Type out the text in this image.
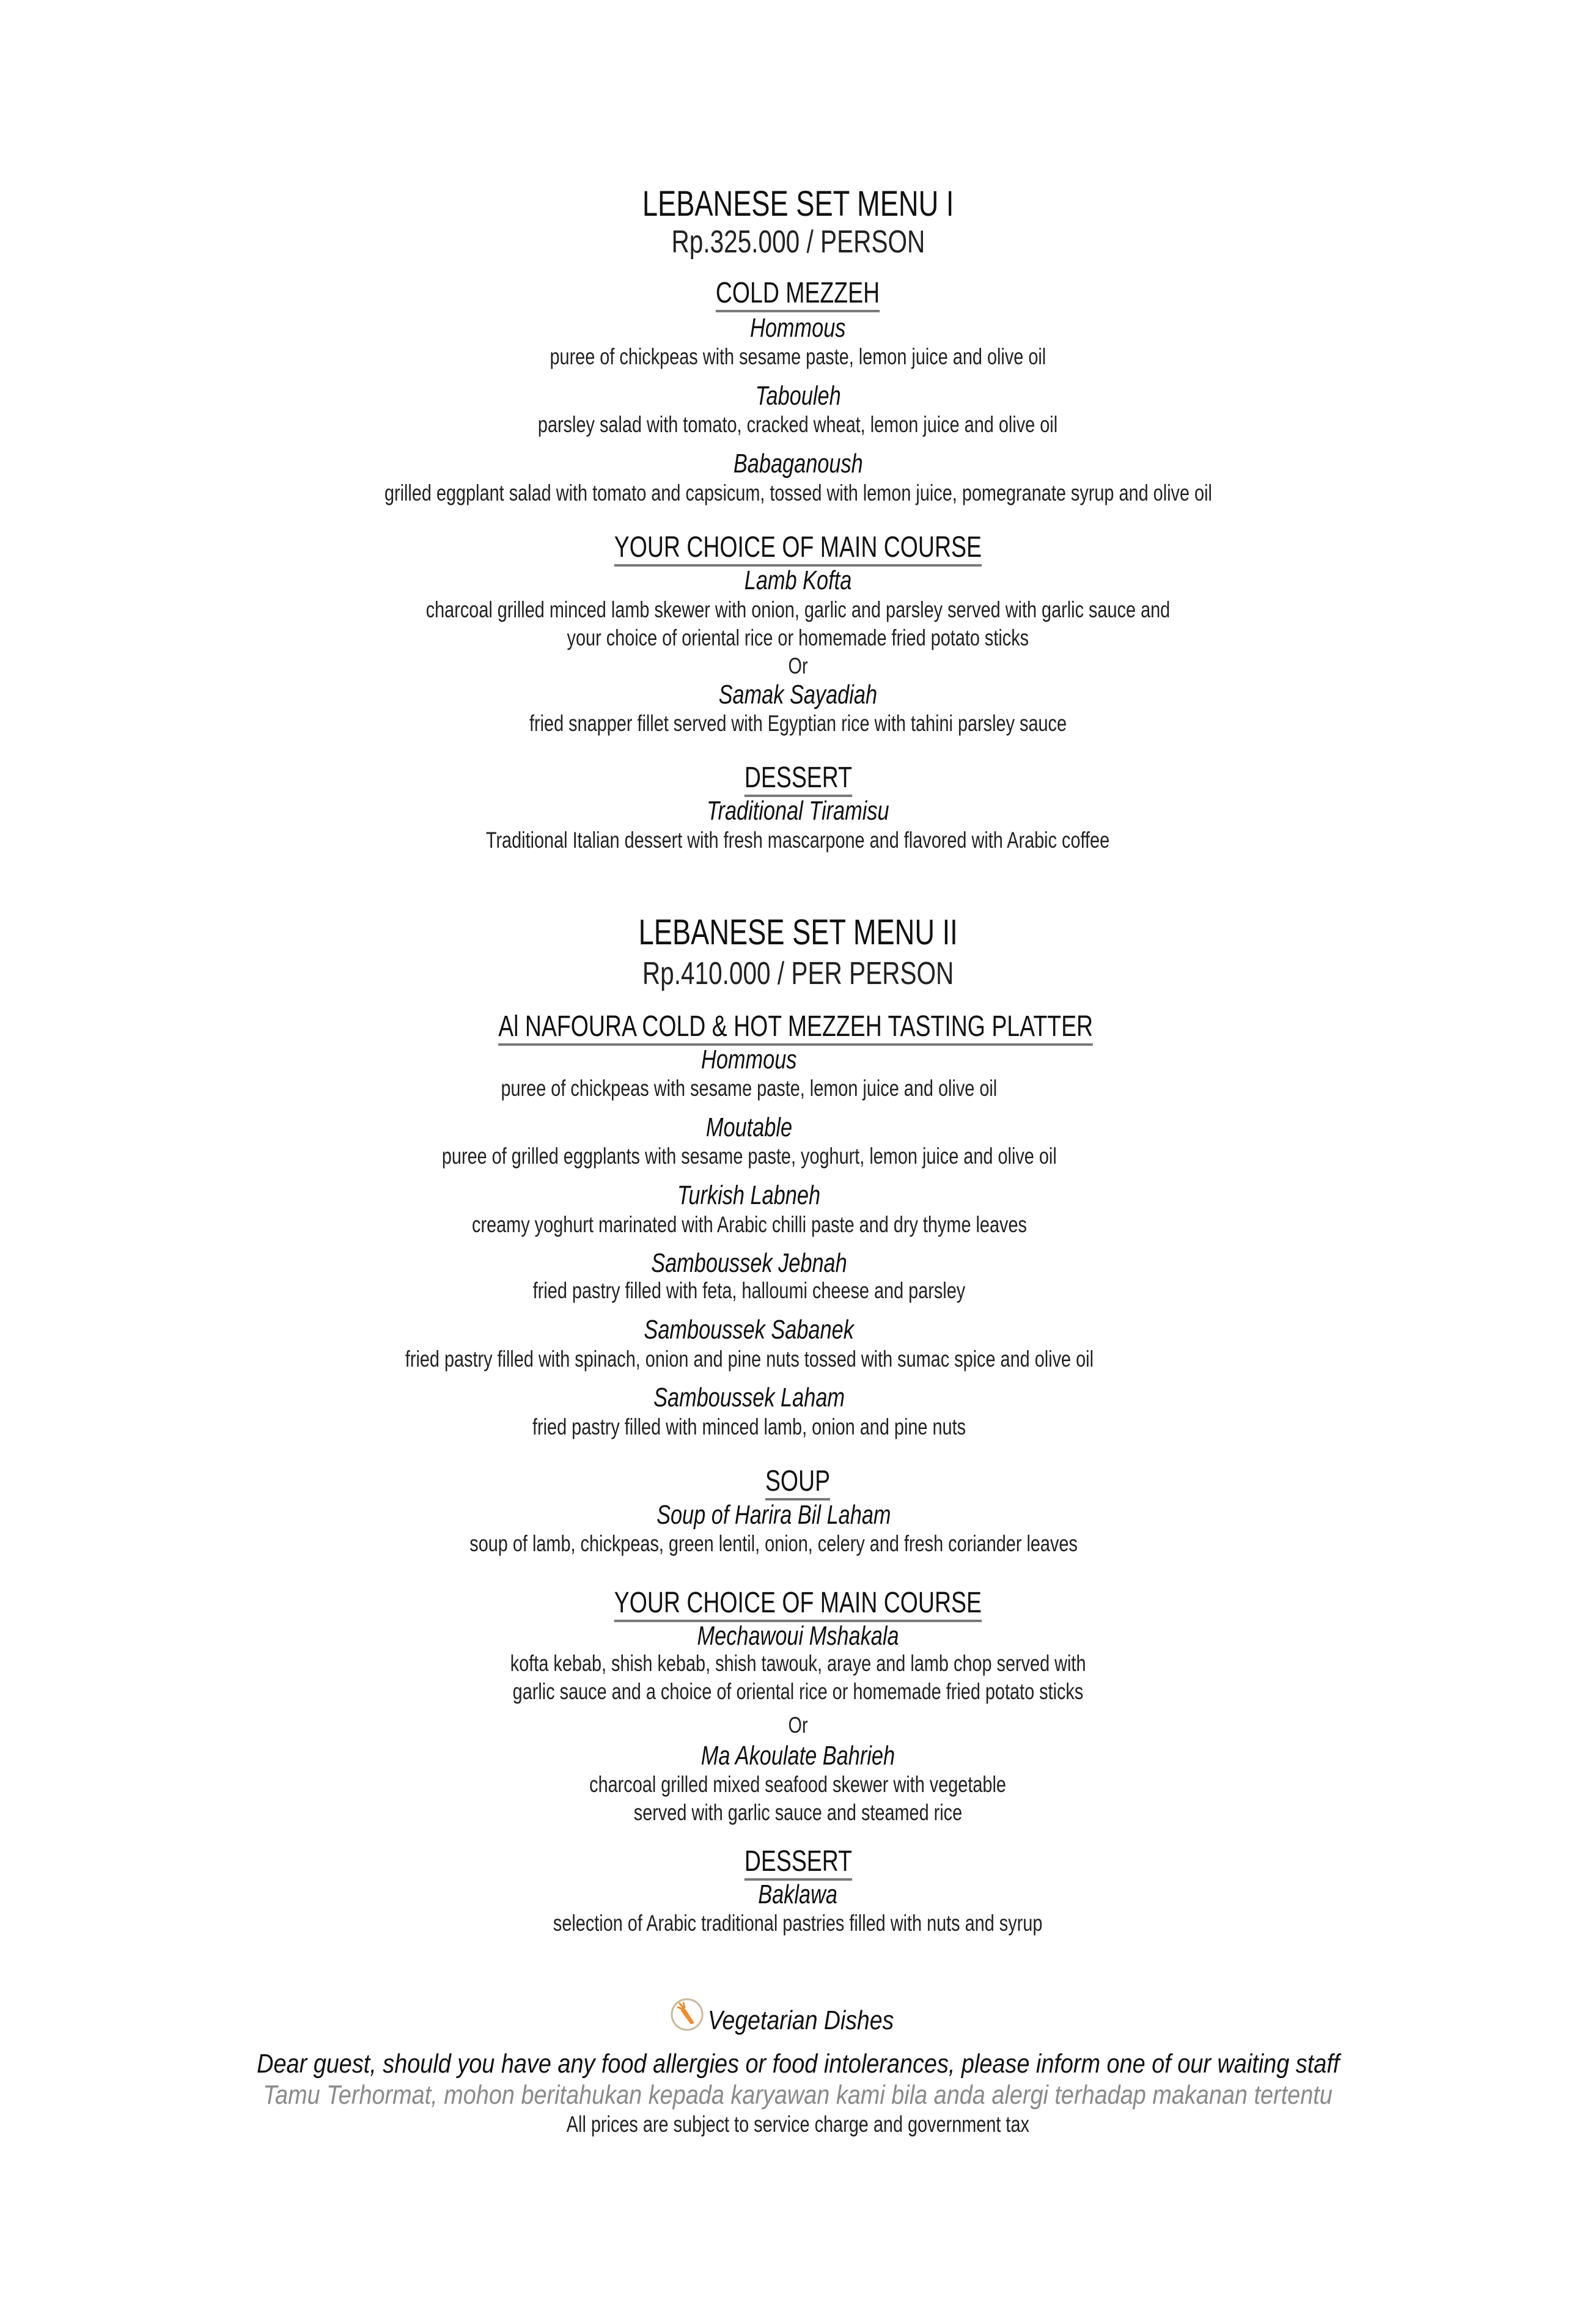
LEBANESE SET MENU I
Rp.325.000 / PERSON
COLD MEZZEH
Hommous
puree of chickpeas with sesame paste, lemon juice and olive oil
Tabouleh
parsley salad with tomato, cracked wheat, lemon juice and olive oil
Babaganoush
grilled eggplant salad with tomato and capsicum, tossed with lemon juice, pomegranate syrup and olive oil
YOUR CHOICE OF MAIN COURSE
Lamb Kofta
charcoal grilled minced lamb skewer with onion, garlic and parsley served with garlic sauce and
your choice of oriental rice or homemade fried potato sticks
Or
Samak Sayadiah
fried snapper fillet served with Egyptian rice with tahini parsley sauce
DESSERT
Traditional Tiramisu
Traditional Italian dessert with fresh mascarpone and flavored with Arabic coffee
LEBANESE SET MENU II
Rp.410.000 / PER PERSON
Al NAFOURA COLD & HOT MEZZEH TASTING PLATTER
Hommous
puree of chickpeas with sesame paste, lemon juice and olive oil
Moutable
puree of grilled eggplants with sesame paste, yoghurt, lemon juice and olive oil
Turkish Labneh
creamy yoghurt marinated with Arabic chilli paste and dry thyme leaves
Samboussek Jebnah
fried pastry filled with feta, halloumi cheese and parsley
Samboussek Sabanek
fried pastry filled with spinach, onion and pine nuts tossed with sumac spice and olive oil
Samboussek Laham
fried pastry filled with minced lamb, onion and pine nuts
SOUP
Soup of Harira Bil Laham
soup of lamb, chickpeas, green lentil, onion, celery and fresh coriander leaves
YOUR CHOICE OF MAIN COURSE
Mechawoui Mshakala
kofta kebab, shish kebab, shish tawouk, araye and lamb chop served with
garlic sauce and a choice of oriental rice or homemade fried potato sticks
Or
Ma Akoulate Bahrieh
charcoal grilled mixed seafood skewer with vegetable
served with garlic sauce and steamed rice
DESSERT
Baklawa
selection of Arabic traditional pastries filled with nuts and syrup
Vegetarian Dishes
Dear guest, should you have any food allergies or food intolerances, please inform one of our waiting staff
Tamu Terhormat, mohon beritahukan kepada karyawan kami bila anda alergi terhadap makanan tertentu
All prices are subject to service charge and government tax
